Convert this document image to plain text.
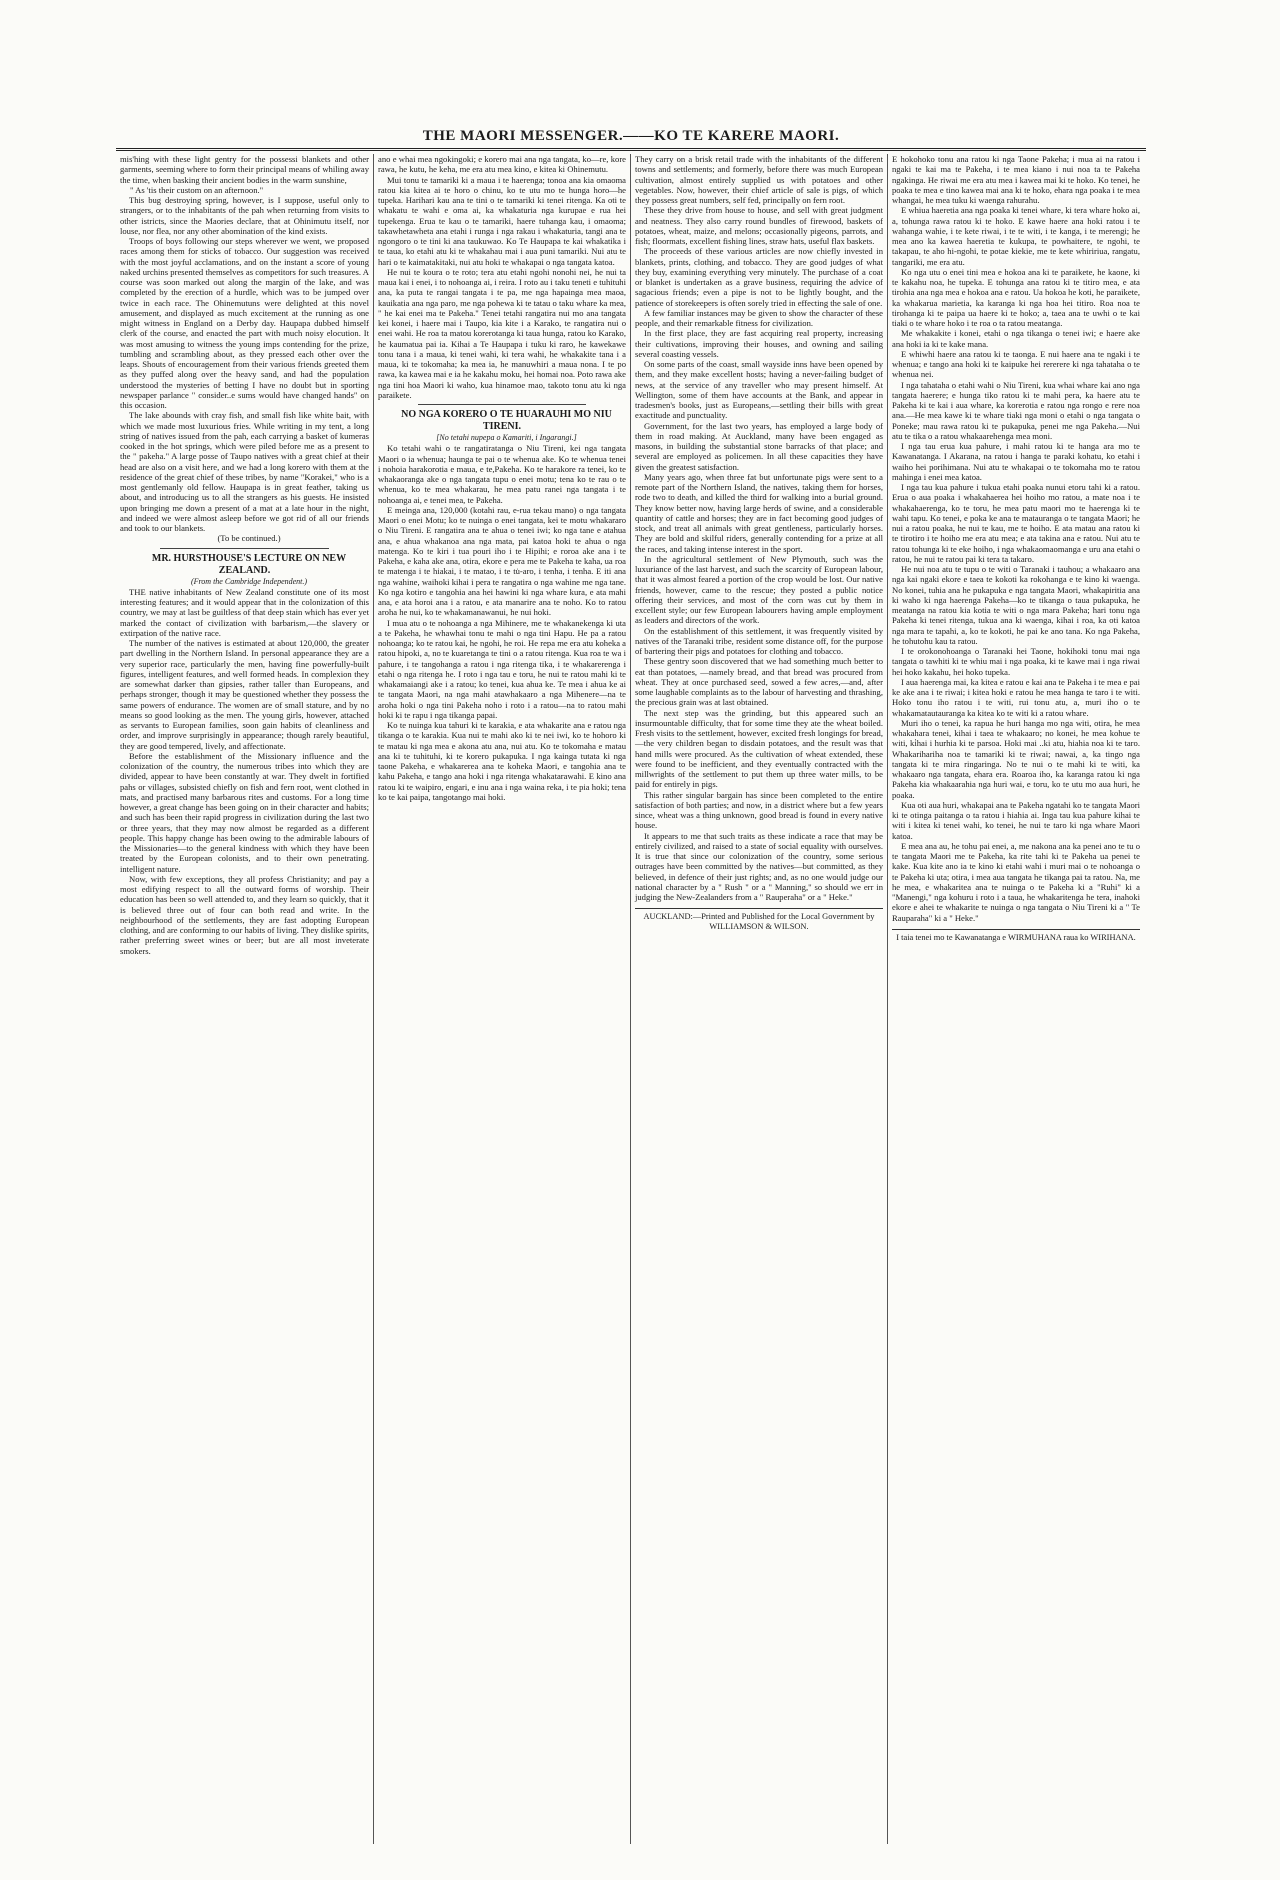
THE MAORI MESSENGER.——KO TE KARERE MAORI.

mis'hing with these light gentry for the possessi blankets and other garments, seeming where to form their principal means of whiling away the time, when basking their ancient bodies in the warm sunshine,

" As 'tis their custom on an afternoon."

This bug destroying spring, however, is I suppose, useful only to strangers, or to the inhabitants of the pah when returning from visits to other istricts, since the Maories declare, that at Ohinimutu itself, nor louse, nor flea, nor any other abomination of the kind exists.

Troops of boys following our steps wherever we went, we proposed races among them for sticks of tobacco. Our suggestion was received with the most joyful acclamations, and on the instant a score of young naked urchins presented themselves as competitors for such treasures. A course was soon marked out along the margin of the lake, and was completed by the erection of a hurdle, which was to be jumped over twice in each race. The Ohinemutuns were delighted at this novel amusement, and displayed as much excitement at the running as one might witness in England on a Derby day. Haupapa dubbed himself clerk of the course, and enacted the part with much noisy elocution. It was most amusing to witness the young imps contending for the prize, tumbling and scrambling about, as they pressed each other over the leaps. Shouts of encouragement from their various friends greeted them as they puffed along over the heavy sand, and had the population understood the mysteries of betting I have no doubt but in sporting newspaper parlance " consider..e sums would have changed hands" on this occasion.

The lake abounds with cray fish, and small fish like white bait, with which we made most luxurious fries. While writing in my tent, a long string of natives issued from the pah, each carrying a basket of kumeras cooked in the hot springs, which were piled before me as a present to the " pakeha." A large posse of Taupo natives with a great chief at their head are also on a visit here, and we had a long korero with them at the residence of the great chief of these tribes, by name "Korakei," who is a most gentlemanly old fellow. Haupapa is in great feather, taking us about, and introducing us to all the strangers as his guests. He insisted upon bringing me down a present of a mat at a late hour in the night, and indeed we were almost asleep before we got rid of all our friends and took to our blankets.

(To be continued.)

MR. HURSTHOUSE'S LECTURE ON NEW ZEALAND.

(From the Cambridge Independent.)

THE native inhabitants of New Zealand constitute one of its most interesting features; and it would appear that in the colonization of this country, we may at last be guiltless of that deep stain which has ever yet marked the contact of civilization with barbarism,—the slavery or extirpation of the native race.

The number of the natives is estimated at about 120,000, the greater part dwelling in the Northern Island. In personal appearance they are a very superior race, particularly the men, having fine powerfully-built figures, intelligent features, and well formed heads. In complexion they are somewhat darker than gipsies, rather taller than Europeans, and perhaps stronger, though it may be questioned whether they possess the same powers of endurance. The women are of small stature, and by no means so good looking as the men. The young girls, however, attached as servants to European families, soon gain habits of cleanliness and order, and improve surprisingly in appearance; though rarely beautiful, they are good tempered, lively, and affectionate.

Before the establishment of the Missionary influence and the colonization of the country, the numerous tribes into which they are divided, appear to have been constantly at war. They dwelt in fortified pahs or villages, subsisted chiefly on fish and fern root, went clothed in mats, and practised many barbarous rites and customs. For a long time however, a great change has been going on in their character and habits; and such has been their rapid progress in civilization during the last two or three years, that they may now almost be regarded as a different people. This happy change has been owing to the admirable labours of the Missionaries—to the general kindness with which they have been treated by the European colonists, and to their own penetrating. intelligent nature.

Now, with few exceptions, they all profess Christianity; and pay a most edifying respect to all the outward forms of worship. Their education has been so well attended to, and they learn so quickly, that it is believed three out of four can both read and write. In the neighbourhood of the settlements, they are fast adopting European clothing, and are conforming to our habits of living. They dislike spirits, rather preferring sweet wines or beer; but are all most inveterate smokers.

ano e whai mea ngokingoki; e korero mai ana nga tangata, ko—re, kore rawa, he kutu, he keha, me era atu mea kino, e kitea ki Ohinemutu.

Mui tonu te tamariki ki a maua i te haerenga; tonoa ana kia omaoma ratou kia kitea ai te horo o chinu, ko te utu mo te hunga horo—he tupeka. Harihari kau ana te tini o te tamariki ki tenei ritenga. Ka oti te whakatu te wahi e oma ai, ka whakaturia nga kurupae e rua hei tupekenga. Erua te kau o te tamariki, haere tuhanga kau, i omaoma; takawhetawheta ana etahi i runga i nga rakau i whakaturia, tangi ana te ngongoro o te tini ki ana taukuwao. Ko Te Haupapa te kai whakatika i te taua, ko etahi atu ki te whakahau mai i aua puni tamariki. Nui atu te hari o te kaimatakitaki, nui atu hoki te whakapai o nga tangata katoa.

He nui te koura o te roto; tera atu etahi ngohi nonohi nei, he nui ta maua kai i enei, i to nohoanga ai, i reira. I roto au i taku teneti e tuhituhi ana, ka puta te rangai tangata i te pa, me nga hapainga mea maoa, kauikatia ana nga paro, me nga pohewa ki te tatau o taku whare ka mea, " he kai enei ma te Pakeha." Tenei tetahi rangatira nui mo ana tangata kei konei, i haere mai i Taupo, kia kite i a Karako, te rangatira nui o enei wahi. He roa ta matou korerotanga ki taua hunga, ratou ko Karako, he kaumatua pai ia. Kihai a Te Haupapa i tuku ki raro, he kawekawe tonu tana i a maua, ki tenei wahi, ki tera wahi, he whakakite tana i a maua, ki te tokomaha; ka mea ia, he manuwhiri a maua nona. I te po rawa, ka kawea mai e ia he kakahu moku, hei homai noa. Poto rawa ake nga tini hoa Maori ki waho, kua hinamoe mao, takoto tonu atu ki nga paraikete.

NO NGA KORERO O TE HUARAUHI MO NIU TIRENI.

[No tetahi nupepa o Kamariti, i Ingarangi.]

Ko tetahi wahi o te rangatiratanga o Niu Tireni, kei nga tangata Maori o ia whenua; haunga te pai o te whenua ake. Ko te whenua tenei i nohoia harakorotia e maua, e te,Pakeha. Ko te harakore ra tenei, ko te whakaoranga ake o nga tangata tupu o enei motu; tena ko te rau o te whenua, ko te mea whakarau, he mea patu ranei nga tangata i te nohoanga ai, e tenei mea, te Pakeha.

E meinga ana, 120,000 (kotahi rau, e-rua tekau mano) o nga tangata Maori o enei Motu; ko te nuinga o enei tangata, kei te motu whakararo o Niu Tireni. E rangatira ana te ahua o tenei iwi; ko nga tane e atahua ana, e ahua whakanoa ana nga mata, pai katoa hoki te ahua o nga matenga. Ko te kiri i tua pouri iho i te Hipihi; e roroa ake ana i te Pakeha, e kaha ake ana, otira, ekore e pera me te Pakeha te kaha, ua roa te matenga i te hiakai, i te matao, i te tu̇-aro, i tenha, i tenha. E iti ana nga wahine, waihoki kihai i pera te rangatira o nga wahine me nga tane. Ko nga kotiro e tangohia ana hei hawini ki nga whare kura, e ata mahi ana, e ata horoi ana i a ratou, e ata manarire ana te noho. Ko to ratou aroha he nui, ko te whakamanawanui, he nui hoki.

I mua atu o te nohoanga a nga Mihinere, me te whakanekenga ki uta a te Pakeha, he whawhai tonu te mahi o nga tini Hapu. He pa a ratou nohoanga; ko te ratou kai, he ngohi, he roi. He repa me era atu koheka a ratou hipoki, a, no te kuaretanga te tini o a ratou ritenga. Kua roa te wa i pahure, i te tangohanga a ratou i nga ritenga tika, i te whakarerenga i etahi o nga ritenga he. I roto i nga tau e toru, he nui te ratou mahi ki te whakamaiangi ake i a ratou; ko tenei, kua ahua ke. Te mea i ahua ke ai te tangata Maori, na nga mahi atawhakaaro a nga Mihenere—na te aroha hoki o nga tini Pakeha noho i roto i a ratou—na to ratou mahi hoki ki te rapu i nga tikanga papai.

Ko te nuinga kua tahuri ki te karakia, e ata whakarite ana e ratou nga tikanga o te karakia. Kua nui te mahi ako ki te nei iwi, ko te hohoro ki te matau ki nga mea e akona atu ana, nui atu. Ko te tokomaha e matau ana ki te tuhituhi, ki te korero pukapuka. I nga kainga tutata ki nga taone Pakeha, e whakarerea ana te koheka Maori, e tangohia ana te kahu Pakeha, e tango ana hoki i nga ritenga whakatarawahi. E kino ana ratou ki te waipiro, engari, e inu ana i nga waina reka, i te pia hoki; tena ko te kai paipa, tangotango mai hoki.

They carry on a brisk retail trade with the inhabitants of the different towns and settlements; and formerly, before there was much European cultivation, almost entirely supplied us with potatoes and other vegetables. Now, however, their chief article of sale is pigs, of which they possess great numbers, self fed, principally on fern root.

These they drive from house to house, and sell with great judgment and neatness. They also carry round bundles of firewood, baskets of potatoes, wheat, maize, and melons; occasionally pigeons, parrots, and fish; floormats, excellent fishing lines, straw hats, useful flax baskets.

The proceeds of these various articles are now chiefly invested in blankets, prints, clothing, and tobacco. They are good judges of what they buy, examining everything very minutely. The purchase of a coat or blanket is undertaken as a grave business, requiring the advice of sagacious friends; even a pipe is not to be lightly bought, and the patience of storekeepers is often sorely tried in effecting the sale of one.

A few familiar instances may be given to show the character of these people, and their remarkable fitness for civilization.

In the first place, they are fast acquiring real property, increasing their cultivations, improving their houses, and owning and sailing several coasting vessels.

On some parts of the coast, small wayside inns have been opened by them, and they make excellent hosts; having a never-failing budget of news, at the service of any traveller who may present himself. At Wellington, some of them have accounts at the Bank, and appear in tradesmen's books, just as Europeans,—settling their bills with great exactitude and punctuality.

Government, for the last two years, has employed a large body of them in road making. At Auckland, many have been engaged as masons, in building the substantial stone barracks of that place; and several are employed as policemen. In all these capacities they have given the greatest satisfaction.

Many years ago, when three fat but unfortunate pigs were sent to a remote part of the Northern Island, the natives, taking them for horses, rode two to death, and killed the third for walking into a burial ground. They know better now, having large herds of swine, and a considerable quantity of cattle and horses; they are in fact becoming good judges of stock, and treat all animals with great gentleness, particularly horses. They are bold and skilful riders, generally contending for a prize at all the races, and taking intense interest in the sport.

In the agricultural settlement of New Plymouth, such was the luxuriance of the last harvest, and such the scarcity of European labour, that it was almost feared a portion of the crop would be lost. Our native friends, however, came to the rescue; they posted a public notice offering their services, and most of the corn was cut by them in excellent style; our few European labourers having ample employment as leaders and directors of the work.

On the establishment of this settlement, it was frequently visited by natives of the Taranaki tribe, resident some distance off, for the purpose of bartering their pigs and potatoes for clothing and tobacco.

These gentry soon discovered that we had something much better to eat than potatoes, —namely bread, and that bread was procured from wheat. They at once purchased seed, sowed a few acres,—and, after some laughable complaints as to the labour of harvesting and thrashing, the precious grain was at last obtained.

The next step was the grinding, but this appeared such an insurmountable difficulty, that for some time they ate the wheat boiled. Fresh visits to the settlement, however, excited fresh longings for bread,—the very children began to disdain potatoes, and the result was that hand mills were procured. As the cultivation of wheat extended, these were found to be inefficient, and they eventually contracted with the millwrights of the settlement to put them up three water mills, to be paid for entirely in pigs.

This rather singular bargain has since been completed to the entire satisfaction of both parties; and now, in a district where but a few years since, wheat was a thing unknown, good bread is found in every native house.

It appears to me that such traits as these indicate a race that may be entirely civilized, and raised to a state of social equality with ourselves. It is true that since our colonization of the country, some serious outrages have been committed by the natives—but committed, as they believed, in defence of their just rights; and, as no one would judge our national character by a " Rush " or a " Manning," so should we err in judging the New-Zealanders from a " Rauperaha" or a " Heke."

AUCKLAND:—Printed and Published for the Local Government by WILLIAMSON & WILSON.

E hokohoko tonu ana ratou ki nga Taone Pakeha; i mua ai na ratou i ngaki te kai ma te Pakeha, i te mea kiano i nui noa ta te Pakeha ngakinga. He riwai me era atu mea i kawea mai ki te hoko. Ko tenei, he poaka te mea e tino kawea mai ana ki te hoko, ehara nga poaka i te mea whangai, he mea tuku ki waenga rahurahu.

E whiua haeretia ana nga poaka ki tenei whare, ki tera whare hoko ai, a, tohunga rawa ratou ki te hoko. E kawe haere ana hoki ratou i te wahanga wahie, i te kete riwai, i te te witi, i te kanga, i te merengi; he mea ano ka kawea haeretia te kukupa, te powhaitere, te ngohi, te takapau, te aho hi-ngohi, te potae kiekie, me te kete whiririua, rangatu, tangariki, me era atu.

Ko nga utu o enei tini mea e hokoa ana ki te paraikete, he kaone, ki te kakahu noa, he tupeka. E tohunga ana ratou ki te titiro mea, e ata tirohia ana nga mea e hokoa ana e ratou. Ua hokoa he koti, he paraikete, ka whakarua marietia, ka karanga ki nga hoa hei titiro. Roa noa te tirohanga ki te paipa ua haere ki te hoko; a, taea ana te uwhi o te kai tiaki o te whare hoko i te roa o ta ratou meatanga.

Me whakakite i konei, etahi o nga tikanga o tenei iwi; e haere ake ana hoki ia ki te kake mana.

E whiwhi haere ana ratou ki te taonga. E nui haere ana te ngaki i te whenua; e tango ana hoki ki te kaipuke hei rererere ki nga tahataha o te whenua nei.

I nga tahataha o etahi wahi o Niu Tireni, kua whai whare kai ano nga tangata haerere; e hunga tiko ratou ki te mahi pera, ka haere atu te Pakeha ki te kai i aua whare, ka korerotia e ratou nga rongo e rere noa ana.—He mea kawe ki te whare tiaki nga moni o etahi o nga tangata o Poneke; mau rawa ratou ki te pukapuka, penei me nga Pakeha.—Nui atu te tika o a ratou whakaarehenga mea moni.

I nga tau erua kua pahure, i mahi ratou ki te hanga ara mo te Kawanatanga. I Akarana, na ratou i hanga te paraki kohatu, ko etahi i waiho hei porihimana. Nui atu te whakapai o te tokomaha mo te ratou mahinga i enei mea katoa.

I nga tau kua pahure i tukua etahi poaka nunui etoru tahi ki a ratou. Erua o aua poaka i whakahaerea hei hoiho mo ratou, a mate noa i te whakahaerenga, ko te toru, he mea patu maori mo te haerenga ki te wahi tapu. Ko tenei, e poka ke ana te matauranga o te tangata Maori; he nui a ratou poaka, he nui te kau, me te hoiho. E ata matau ana ratou ki te tirotiro i te hoiho me era atu mea; e ata takina ana e ratou. Nui atu te ratou tohunga ki te eke hoiho, i nga whakaomaomanga e uru ana etahi o ratou, he nui te ratou pai ki tera ta takaro.

He nui noa atu te tupu o te witi o Taranaki i tauhou; a whakaaro ana nga kai ngaki ekore e taea te kokoti ka rokohanga e te kino ki waenga. No konei, tuhia ana he pukapuka e nga tangata Maori, whakapiritia ana ki waho ki nga haerenga Pakeha—ko te tikanga o taua pukapuka, he meatanga na ratou kia kotia te witi o nga mara Pakeha; hari tonu nga Pakeha ki tenei ritenga, tukua ana ki waenga, kihai i roa, ka oti katoa nga mara te tapahi, a, ko te kokoti, he pai ke ano tana. Ko nga Pakeha, he tohutohu kau ta ratou.

I te orokonohoanga o Taranaki hei Taone, hokihoki tonu mai nga tangata o tawhiti ki te whiu mai i nga poaka, ki te kawe mai i nga riwai hei hoko kakahu, hei hoko tupeka.

I aua haerenga mai, ka kitea e ratou e kai ana te Pakeha i te mea e pai ke ake ana i te riwai; i kitea hoki e ratou he mea hanga te taro i te witi. Hoko tonu iho ratou i te witi, rui tonu atu, a, muri iho o te whakamatautauranga ka kitea ko te witi ki a ratou whare.

Muri iho o tenei, ka rapua he huri hanga mo nga witi, otira, he mea whakahara tenei, kihai i taea te whakaaro; no konei, he mea kohue te witi, ki̇hai i hurhia ki te parsoa. Hoki mai ..ki atu, hiahia noa ki te taro. Whakarihariha noa te tamariki ki te riwai; nawai, a, ka tingo nga tangata ki te mira ringaringa. No te nui o te mahi ki te witi, ka whakaaro nga tangata, ehara era. Roaroa iho, ka karanga ratou ki nga Pakeha kia whakaarahia nga huri wai, e toru, ko te utu mo aua huri, he poaka.

Kua oti aua huri, whakapai ana te Pakeha ngatahi ko te tangata Maori ki te otinga paitanga o ta ratou i hiahia ai. Inga tau kua pahure kihai te witi i kitea ki tenei wahi, ko tenei, he nui te taro ki nga whare Maori katoa.

E mea ana au, he tohu pai enei, a, me nakona ana ka penei ano te tu o te tangata Maori me te Pakeha, ka rite tahi ki te Pakeha ua penei te kake. Kua kite ano ia te kino ki etahi wahi i muri mai o te nohoanga o te Pakeha ki uta; otira, i mea aua tangata he tikanga pai ta ratou. Na, me he mea, e whakaritea ana te nuinga o te Pakeha ki a "Ruhi" ki a "Manengi," nga kohuru i roto i a taua, he whakaritenga he tera, inahoki ekore e ahei te whakarite te nuinga o nga tangata o Niu Tireni ki a " Te Rauparaha" ki a " Heke."

I taia tenei mo te Kawanatanga e WIRMUHANA raua ko WIRIHANA.
